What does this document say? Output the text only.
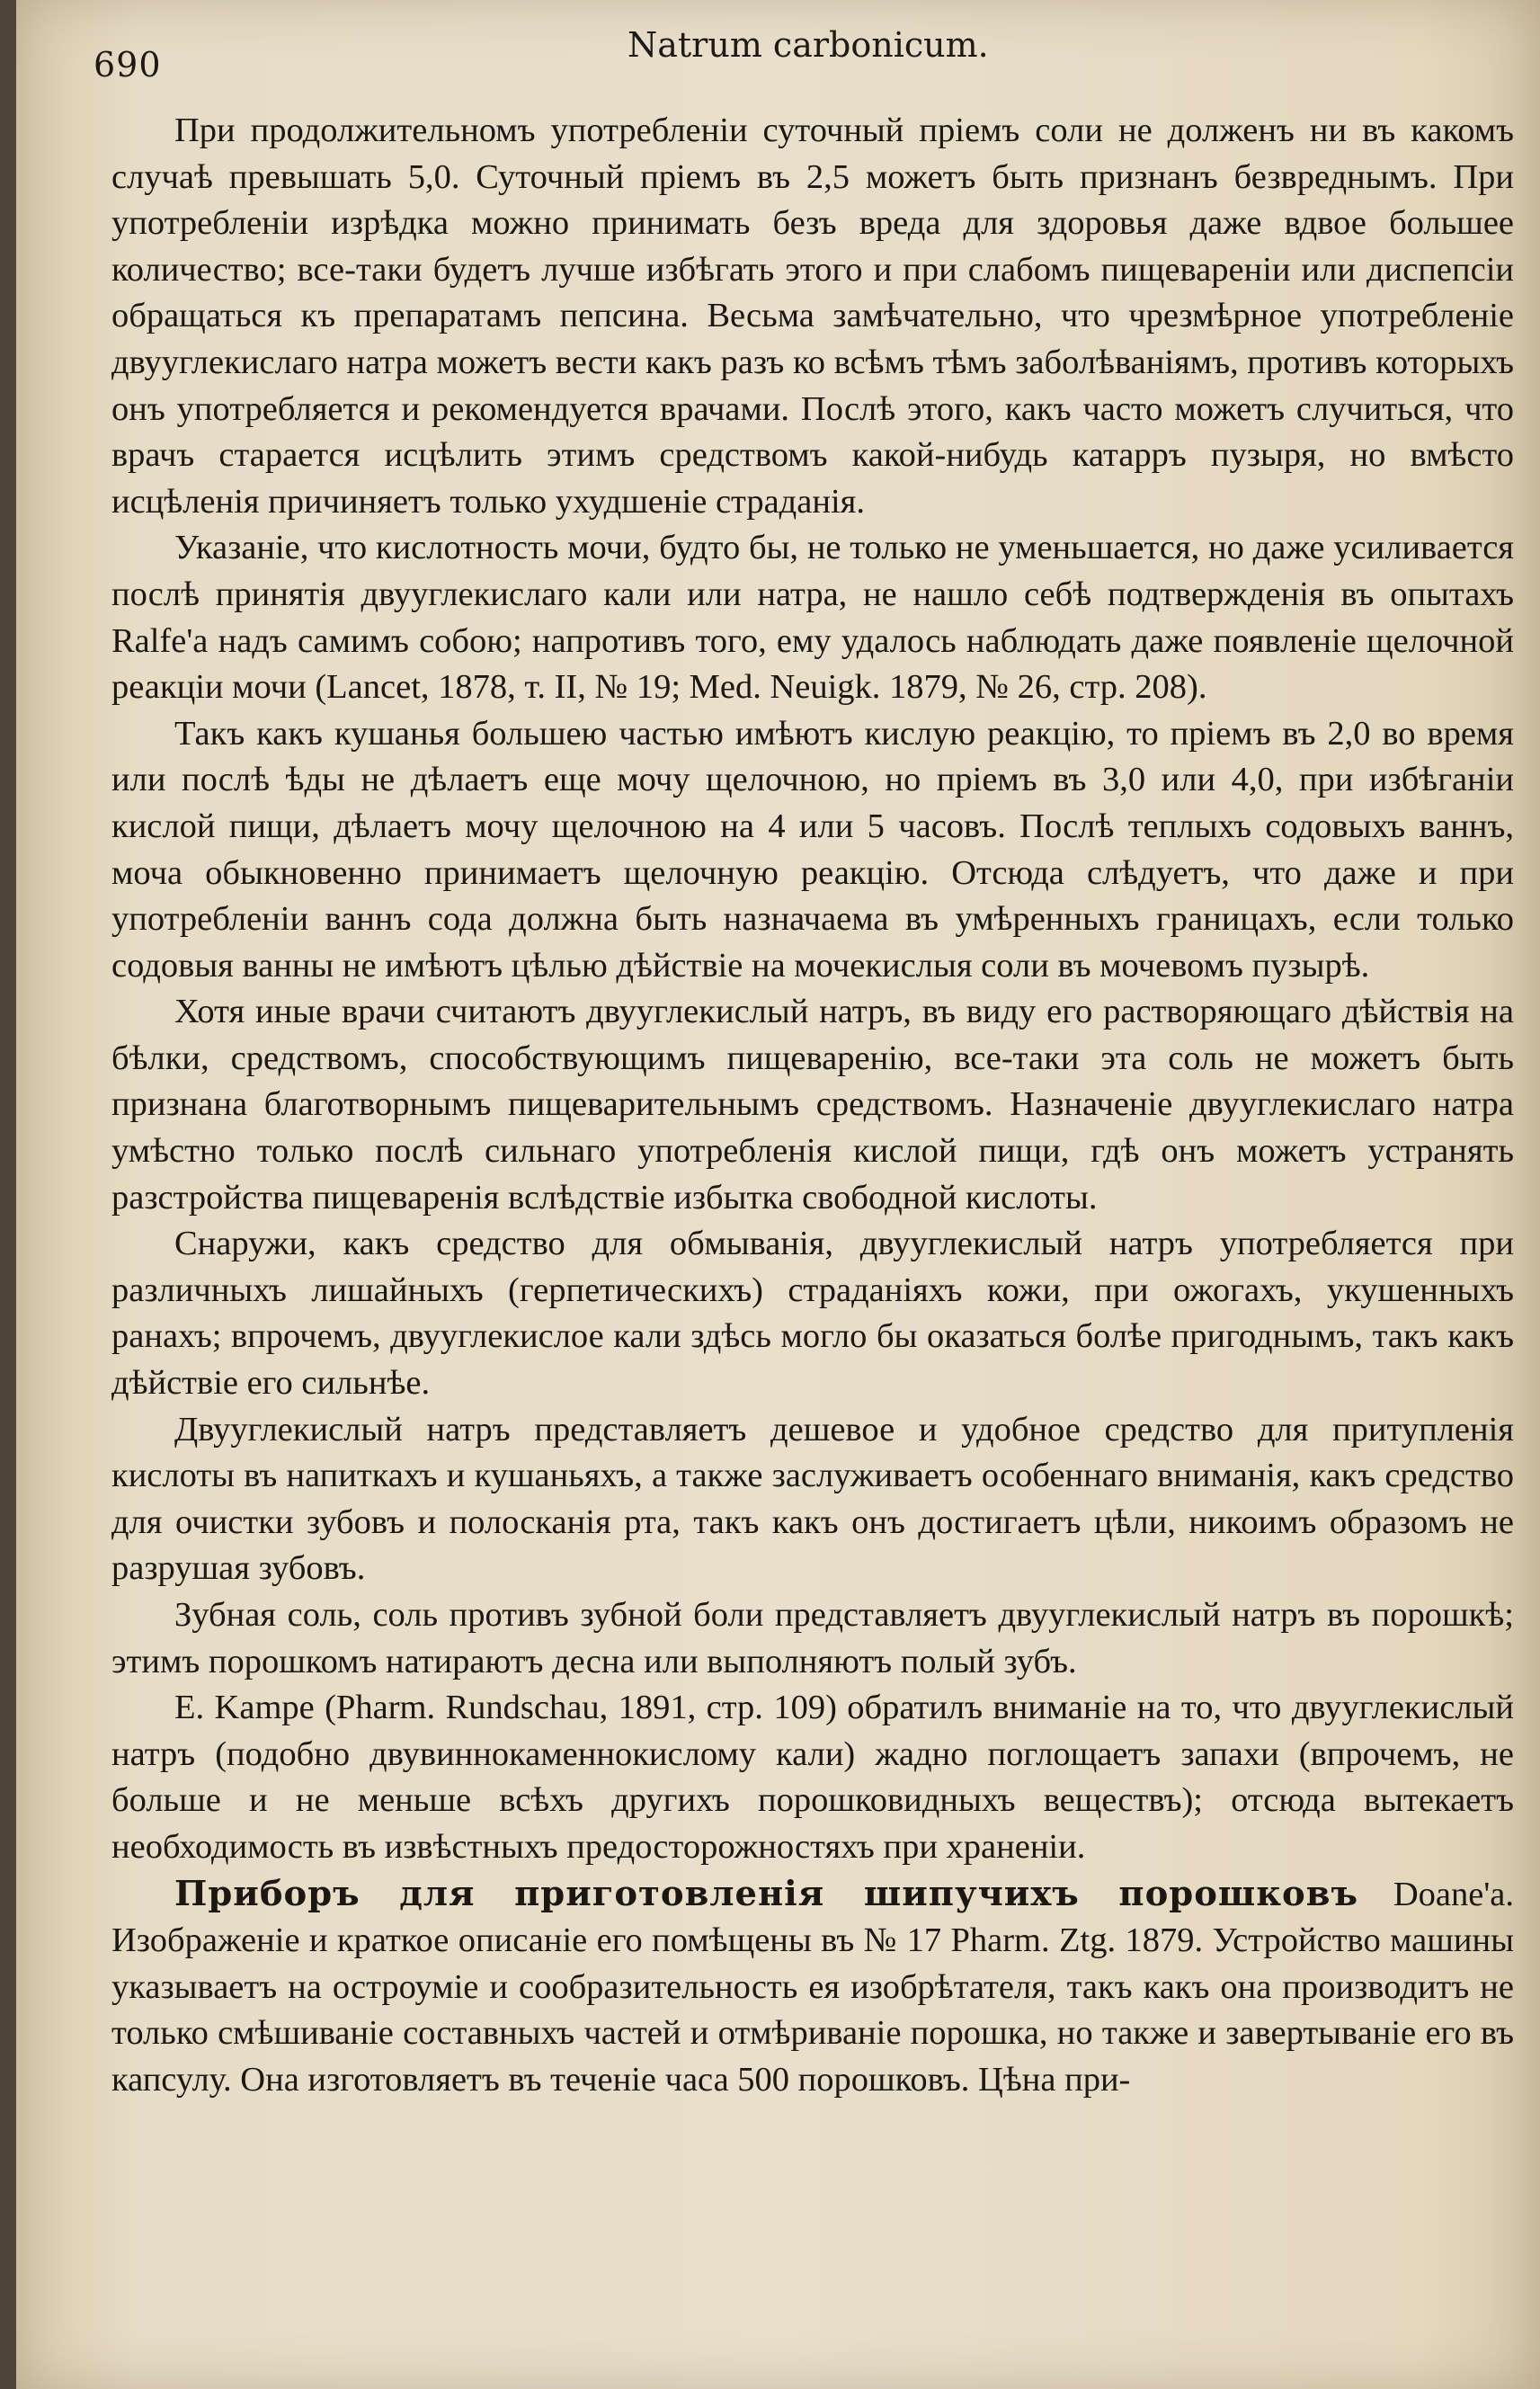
690	Natrum carbonicum.

При продолжительномъ употребленіи суточный пріемъ соли не долженъ ни въ какомъ случаѣ превышать 5,0. Суточный пріемъ въ 2,5 можетъ быть признанъ безвреднымъ. При употребленіи изрѣдка можно принимать безъ вреда для здоровья даже вдвое большее количество; все-таки будетъ лучше избѣгать этого и при слабомъ пищевареніи или диспепсіи обращаться къ препаратамъ пепсина. Весьма замѣчательно, что чрезмѣрное употребленіе двууглекислаго натра можетъ вести какъ разъ ко всѣмъ тѣмъ заболѣваніямъ, противъ которыхъ онъ употребляется и рекомендуется врачами. Послѣ этого, какъ часто можетъ случиться, что врачъ старается исцѣлить этимъ средствомъ какой-нибудь катарръ пузыря, но вмѣсто исцѣленія причиняетъ только ухудшеніе страданія.

Указаніе, что кислотность мочи, будто бы, не только не уменьшается, но даже усиливается послѣ принятія двууглекислаго кали или натра, не нашло себѣ подтвержденія въ опытахъ Ralfe'а надъ самимъ собою; напротивъ того, ему удалось наблюдать даже появленіе щелочной реакціи мочи (Lancet, 1878, т. II, № 19; Med. Neuigk. 1879, № 26, стр. 208).

Такъ какъ кушанья большею частью имѣютъ кислую реакцію, то пріемъ въ 2,0 во время или послѣ ѣды не дѣлаетъ еще мочу щелочною, но пріемъ въ 3,0 или 4,0, при избѣганіи кислой пищи, дѣлаетъ мочу щелочною на 4 или 5 часовъ. Послѣ теплыхъ содовыхъ ваннъ, моча обыкновенно принимаетъ щелочную реакцію. Отсюда слѣдуетъ, что даже и при употребленіи ваннъ сода должна быть назначаема въ умѣренныхъ границахъ, если только содовыя ванны не имѣютъ цѣлью дѣйствіе на мочекислыя соли въ мочевомъ пузырѣ.

Хотя иные врачи считаютъ двууглекислый натръ, въ виду его растворяющаго дѣйствія на бѣлки, средствомъ, способствующимъ пищеваренію, все-таки эта соль не можетъ быть признана благотворнымъ пищеварительнымъ средствомъ. Назначеніе двууглекислаго натра умѣстно только послѣ сильнаго употребленія кислой пищи, гдѣ онъ можетъ устранять разстройства пищеваренія вслѣдствіе избытка свободной кислоты.

Снаружи, какъ средство для обмыванія, двууглекислый натръ употребляется при различныхъ лишайныхъ (герпетическихъ) страданіяхъ кожи, при ожогахъ, укушенныхъ ранахъ; впрочемъ, двууглекислое кали здѣсь могло бы оказаться болѣе пригоднымъ, такъ какъ дѣйствіе его сильнѣе.

Двууглекислый натръ представляетъ дешевое и удобное средство для притупленія кислоты въ напиткахъ и кушаньяхъ, а также заслуживаетъ особеннаго вниманія, какъ средство для очистки зубовъ и полосканія рта, такъ какъ онъ достигаетъ цѣли, никоимъ образомъ не разрушая зубовъ.

Зубная соль, соль противъ зубной боли представляетъ двууглекислый натръ въ порошкѣ; этимъ порошкомъ натираютъ десна или выполняютъ полый зубъ.

E. Kampe (Pharm. Rundschau, 1891, стр. 109) обратилъ вниманіе на то, что двууглекислый натръ (подобно двувиннокаменнокислому кали) жадно поглощаетъ запахи (впрочемъ, не больше и не меньше всѣхъ другихъ порошковидныхъ веществъ); отсюда вытекаетъ необходимость въ извѣстныхъ предосторожностяхъ при храненіи.

Приборъ для приготовленія шипучихъ порошковъ Doane'a. Изображеніе и краткое описаніе его помѣщены въ № 17 Pharm. Ztg. 1879. Устройство машины указываетъ на остроуміе и сообразительность ея изобрѣтателя, такъ какъ она производитъ не только смѣшиваніе составныхъ частей и отмѣриваніе порошка, но также и завертываніе его въ капсулу. Она изготовляетъ въ теченіе часа 500 порошковъ. Цѣна при-
